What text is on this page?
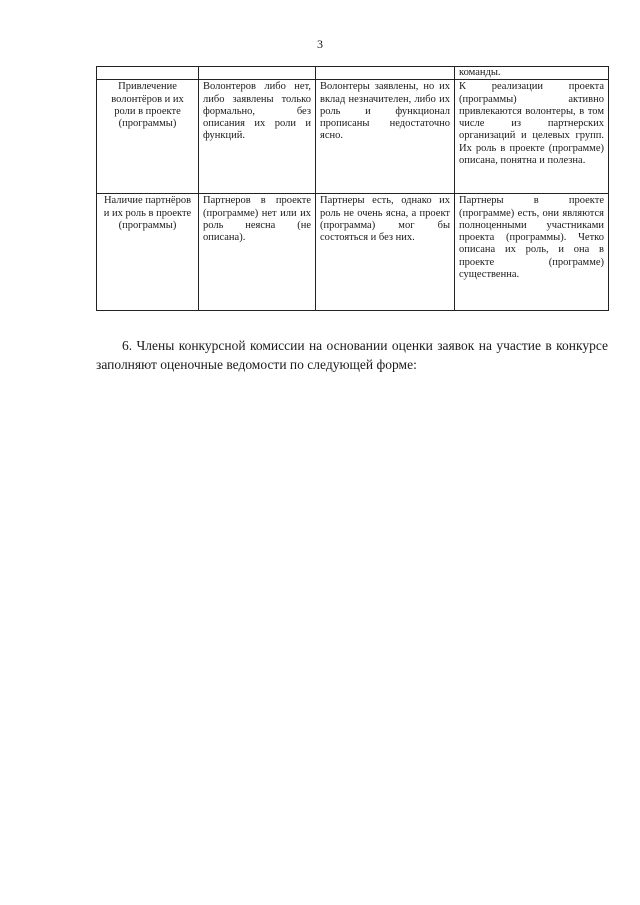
3
			команды.
Привлечение волонтёров и их роли в проекте (программы)	Волонтеров либо нет, либо заявлены только формально, без описания их роли и функций.	Волонтеры заявлены, но их вклад незначителен, либо их роль и функционал прописаны недостаточно ясно.	К реализации проекта (программы) активно привлекаются волонтеры, в том числе из партнерских организаций и целевых групп. Их роль в проекте (программе) описана, понятна и полезна.
Наличие партнёров и их роль в проекте (программы)	Партнеров в проекте (программе) нет или их роль неясна (не описана).	Партнеры есть, однако их роль не очень ясна, а проект (программа) мог бы состояться и без них.	Партнеры в проекте (программе) есть, они являются полноценными участниками проекта (программы). Четко описана их роль, и она в проекте (программе) существенна.

6. Члены конкурсной комиссии на основании оценки заявок на участие в конкурсе заполняют оценочные ведомости по следующей форме:
